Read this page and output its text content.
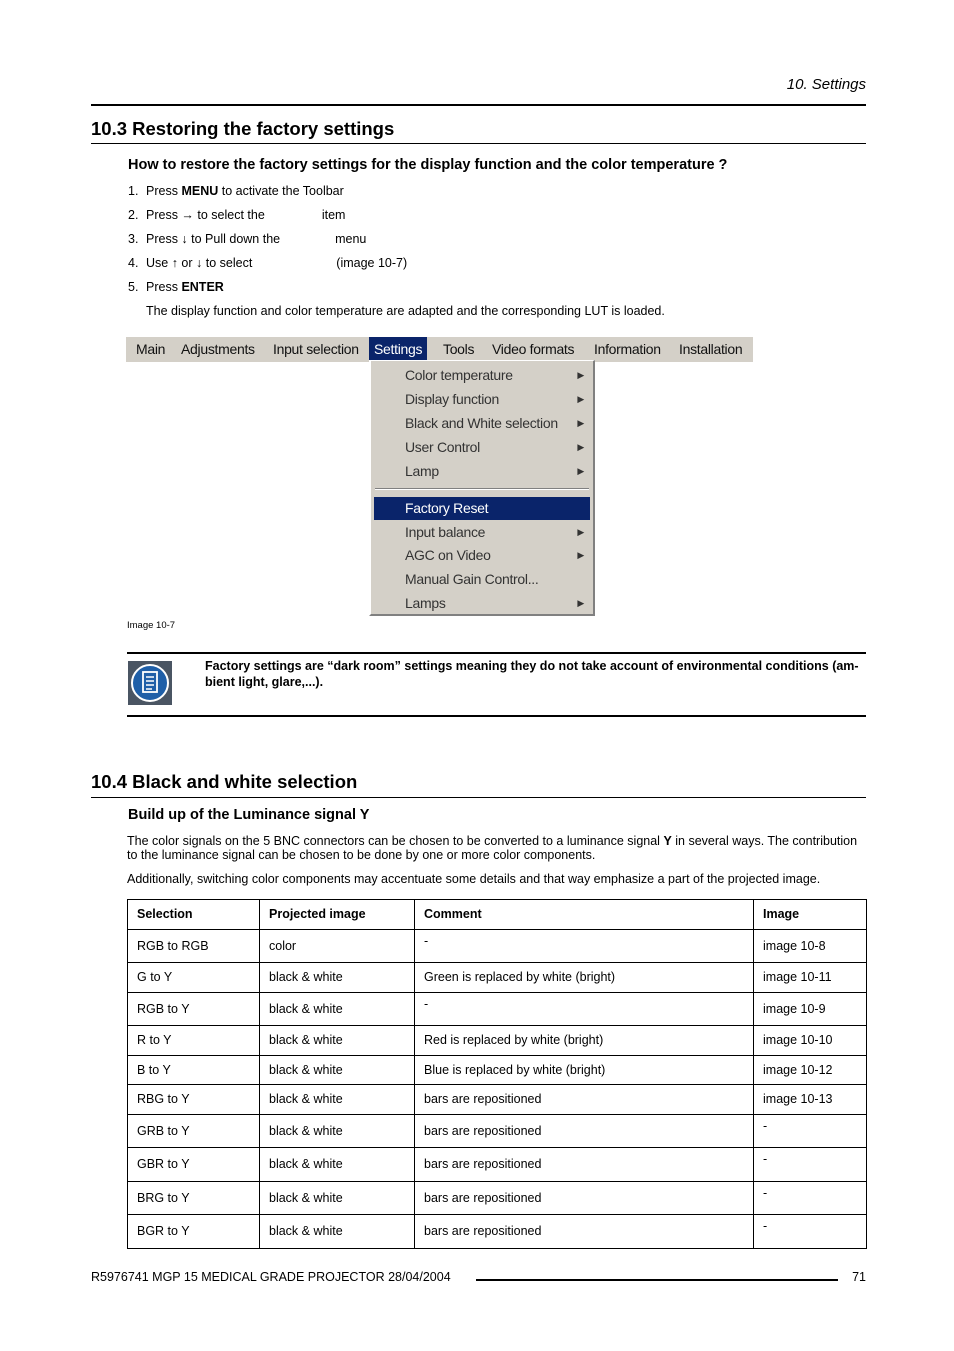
10. Settings
10.3 Restoring the factory settings
How to restore the factory settings for the display function and the color temperature ?
1. Press MENU to activate the Toolbar
2. Press → to select the	item
3. Press ↓ to Pull down the	menu
4. Use ↑ or ↓ to select	(image 10-7)
5. Press ENTER
The display function and color temperature are adapted and the corresponding LUT is loaded.
Main Adjustments Input selection	Settings	Tools Video formats Information Installation
Color temperature	▶
Display function	▶
Black and White selection ▶
User Control	▶
Lamp	▶
Factory Reset
Input balance	▶
AGC on Video	▶
Manual Gain Control...
Lamps	▶
Image 10-7
Factory settings are “dark room” settings meaning they do not take account of environmental conditions (am-bient light, glare,...).
10.4 Black and white selection
Build up of the Luminance signal Y
The color signals on the 5 BNC connectors can be chosen to be converted to a luminance signal Y in several ways. The contribution to the luminance signal can be chosen to be done by one or more color components.
Additionally, switching color components may accentuate some details and that way emphasize a part of the projected image.
Selection	Projected image	Comment	Image
RGB to RGB	color	-	image 10-8
G to Y	black & white	Green is replaced by white (bright)	image 10-11
RGB to Y	black & white	-	image 10-9
R to Y	black & white	Red is replaced by white (bright)	image 10-10
B to Y	black & white	Blue is replaced by white (bright)	image 10-12
RBG to Y	black & white	bars are repositioned	image 10-13
GRB to Y	black & white	bars are repositioned	-
GBR to Y	black & white	bars are repositioned	-
BRG to Y	black & white	bars are repositioned	-
BGR to Y	black & white	bars are repositioned	-
R5976741 MGP 15 MEDICAL GRADE PROJECTOR 28/04/2004	71
